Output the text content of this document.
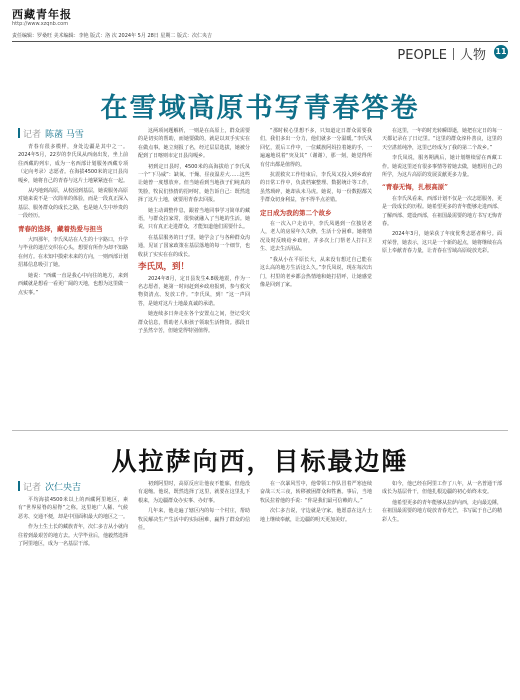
西藏青年报
http://www.xzqnb.com
责任编辑：罗桑旺 美术编辑：李艳 版式：洛 次 2024年 5月 28日 星期二 版式：次仁央吉
PEOPLE 人物 11
在雪域高原书写青春答卷
记者 陈菡 马雪

青春有很多模样，身处边疆是其中之一。2024年5月，22岁的李氏凤从西南出发，坐上前往西藏的列车，成为一名西部计划服务西藏专项（定向考录）志愿者。在海拔4500米的定日县岗嘎乡，她将自己的青春与这片土地紧紧连在一起。

从内地到高原，从校园到基层，她说服务高原对她来说不是一次简单的体验，而是一段真正深入基层、服务群众的成长之路，也是她人生中珍贵的一段经历。

青春的选择，藏着热爱与担当

大四那年，李氏凤站在人生的十字路口，升学与毕业的迷茫交织在心头，想要有所作为却不知路在何方。在未知中摸索未来的方向，一则西部计划招募信息吸引了她。

她说：“西藏一直是我心中向往的地方，来到西藏就是想看一看更广阔的天地，也想为这里做一点实事。”

这两项问题解析，一则是在高原上，群众需要的是切实的帮助，而她要做的，就是以双手实实在在做点事。她立刻报了名，经过层层选拔，她被分配到了日喀则市定日县岗嘎乡。

初到定日县时，4500米的高海拔给了李氏凤一个“下马威”：缺氧、干燥、昼夜温差大……这些让她曾一度想放弃。但当她看到当地孩子们纯真的笑脸，牧民们热情的招呼时，她告诉自己：既然选择了这片土地，就要用青春去回报。

她主动调整作息，跟着当地同事学习简单的藏语，与群众拉家常，很快就融入了当地的生活。她说，只有真正走进群众，才能知道他们需要什么。

在基层服务的日子里，她学会了与各种群众沟通，见证了国家政策在基层落地的每一个细节，也收获了实实在在的成长。

李氏凤，到！

2024年8月，定日县发生4.8级地震，作为一名志愿者，她第一时间赶到乡政府报到，参与救灾物资清点、发放工作。“李氏凤，到！”这一声回答，是她对这片土地最真诚的承诺。

她连续多日奔走在各个安置点之间，登记受灾群众信息，帮助老人和孩子领取生活物资。那段日子虽然辛苦，但她觉得特别值得。

“那时候心里想不多，只知道定日群众需要我们，我们多出一分力，他们就多一分温暖。”李氏凤回忆，震后工作中，一位藏族阿妈拉着她的手，一遍遍地说着“突及其”（谢谢），那一刻，她觉得所有付出都是值得的。

抗震救灾工作结束后，李氏凤又投入到乡政府的日常工作中，负责档案整理、数据统计等工作，虽然琐碎，她却从未马虎。她说，每一份数据都关乎群众切身利益，容不得半点差错。

定日成为我的第二个故乡

在一次入户走访中，李氏凤遇到一位独居老人，老人的房屋年久失修，生活十分困难。她将情况及时反映给乡政府，并多次上门帮老人打扫卫生、送去生活用品。

“我从小在平原长大，从来没有想过自己能在这么高的地方生活这么久。”李氏凤说，现在每次出门，村里的老乡都会热情地和她打招呼，让她感觉像是回到了家。

在这里，一年的时光转瞬即逝，她把在定日的每一天都记录在了日记里。“这里的群众淳朴善良，这里的天空湛蓝纯净，这里已经成为了我的第二个故乡。”

李氏凤说，服务期满后，她计划继续留在西藏工作。她说这里还有很多事情等着她去做，她想用自己的所学，为这片高原的发展贡献更多力量。

“青春无悔，扎根高原”

在李氏凤看来，西部计划不仅是一次志愿服务，更是一段成长的历程。她希望更多的青年能够走进西部、了解西部、建设西部，在祖国最需要的地方书写无悔青春。

2024年3月，她荣获了年度优秀志愿者称号。面对荣誉，她表示，这只是一个新的起点，她将继续在高原上奉献青春力量，让青春在雪域高原绽放光彩。

从拉萨向西，目标最边陲
记者 次仁央吉

平均海拔4500米以上的西藏阿里地区，素有“世界屋脊的屋脊”之称。这里地广人稀、气候恶劣、交通不便，却是中国面积最大的地区之一。

作为土生土长的藏族青年，次仁多吉从小就向往着到最艰苦的地方去。大学毕业后，他毅然选择了阿里地区，成为一名基层干部。

初到阿里时，高原反应让他夜不能寐，但他没有退缩。他说，既然选择了这里，就要在这里扎下根来，为边疆群众办实事、办好事。

几年来，他走遍了辖区内的每一个村庄，帮助牧民解决生产生活中的实际困难，赢得了群众的信任。

在一次暴风雪中，他带领工作队冒着严寒连续奋战三天三夜，转移被困群众和牲畜。事后，当地牧民拉着他的手说：“你是我们最可信赖的人。”

次仁多吉说，守边就是守家，他愿意在这片土地上继续奉献，让边疆的明天更加美好。

如今，他已经在阿里工作了八年，从一名普通干部成长为基层骨干，但他扎根边疆的初心始终未变。

他希望更多的青年能够从拉萨向西，走向最边陲，在祖国最需要的地方绽放青春光芒，书写属于自己的精彩人生。
